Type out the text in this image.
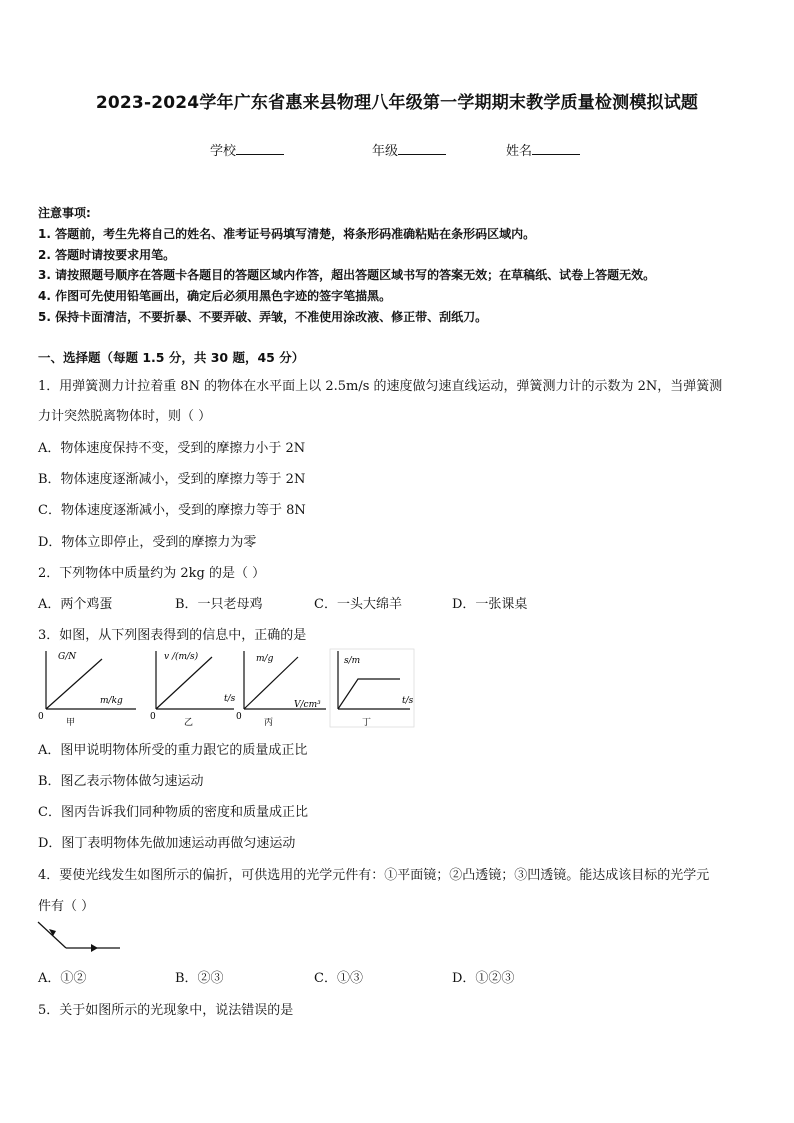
2023-2024学年广东省惠来县物理八年级第一学期期末教学质量检测模拟试题
学校	年级	姓名
注意事项:
1. 答题前，考生先将自己的姓名、准考证号码填写清楚，将条形码准确粘贴在条形码区域内。
2. 答题时请按要求用笔。
3. 请按照题号顺序在答题卡各题目的答题区域内作答，超出答题区域书写的答案无效；在草稿纸、试卷上答题无效。
4. 作图可先使用铅笔画出，确定后必须用黑色字迹的签字笔描黑。
5. 保持卡面清洁，不要折暴、不要弄破、弄皱，不准使用涂改液、修正带、刮纸刀。
一、选择题（每题 1.5 分，共 30 题，45 分）
1．用弹簧测力计拉着重 8N 的物体在水平面上以 2.5m/s 的速度做匀速直线运动，弹簧测力计的示数为 2N，当弹簧测
力计突然脱离物体时，则（ ）
A．物体速度保持不变，受到的摩擦力小于 2N
B．物体速度逐渐减小，受到的摩擦力等于 2N
C．物体速度逐渐减小，受到的摩擦力等于 8N
D．物体立即停止，受到的摩擦力为零
2．下列物体中质量约为 2kg 的是（ ）
A．两个鸡蛋	B．一只老母鸡	C．一头大绵羊	D．一张课桌
3．如图，从下列图表得到的信息中，正确的是
G/N
m/kg
0
甲
v /(m/s)
t/s
0
乙
m/g
V/cm³
0
丙
s/m
t/s
丁
A．图甲说明物体所受的重力跟它的质量成正比
B．图乙表示物体做匀速运动
C．图丙告诉我们同种物质的密度和质量成正比
D．图丁表明物体先做加速运动再做匀速运动
4．要使光线发生如图所示的偏折，可供选用的光学元件有：①平面镜；②凸透镜；③凹透镜。能达成该目标的光学元
件有（ ）
A．①②	B．②③	C．①③	D．①②③
5．关于如图所示的光现象中，说法错误的是
